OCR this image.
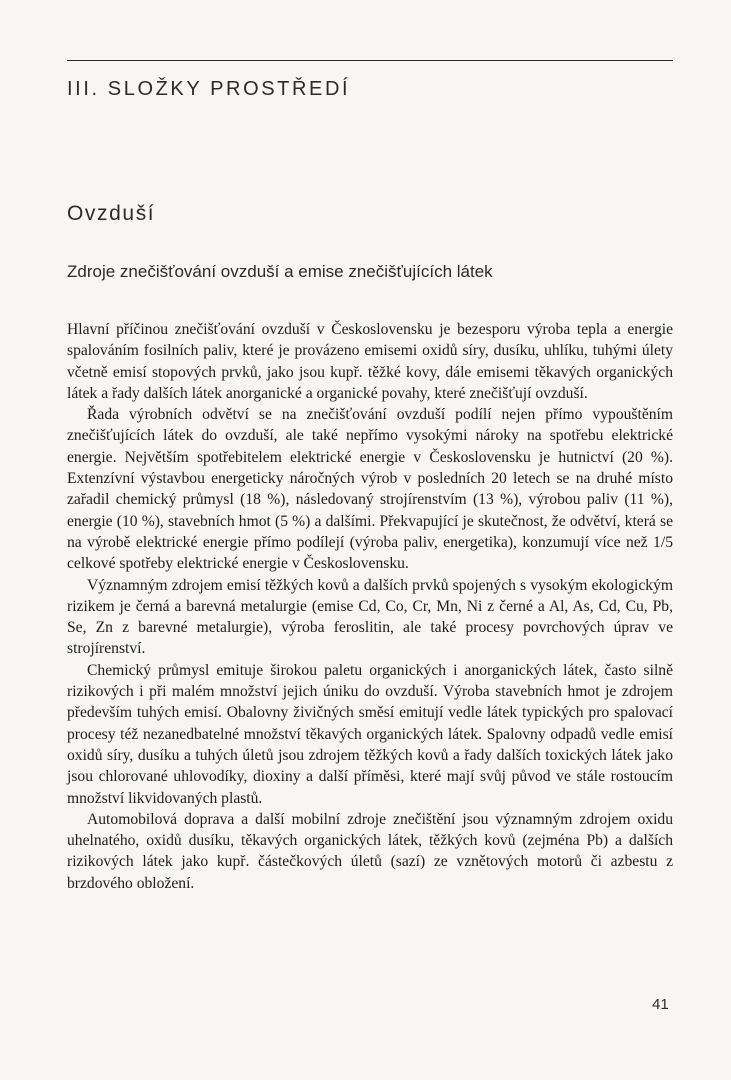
III. SLOŽKY PROSTŘEDÍ
Ovzduší
Zdroje znečišťování ovzduší a emise znečišťujících látek

Hlavní příčinou znečišťování ovzduší v Československu je bezesporu výroba tepla a energie spalováním fosilních paliv, které je provázeno emisemi oxidů síry, dusíku, uhlíku, tuhými úlety včetně emisí stopových prvků, jako jsou kupř. těžké kovy, dále emisemi těkavých organických látek a řady dalších látek anorganické a organické povahy, které znečišťují ovzduší.

Řada výrobních odvětví se na znečišťování ovzduší podílí nejen přímo vypouštěním znečišťujících látek do ovzduší, ale také nepřímo vysokými nároky na spotřebu elektrické energie. Největším spotřebitelem elektrické energie v Československu je hutnictví (20 %). Extenzívní výstavbou energeticky náročných výrob v posledních 20 letech se na druhé místo zařadil chemický průmysl (18 %), následovaný strojírenstvím (13 %), výrobou paliv (11 %), energie (10 %), stavebních hmot (5 %) a dalšími. Překvapující je skutečnost, že odvětví, která se na výrobě elektrické energie přímo podílejí (výroba paliv, energetika), konzumují více než 1/5 celkové spotřeby elektrické energie v Československu.

Významným zdrojem emisí těžkých kovů a dalších prvků spojených s vysokým ekologickým rizikem je černá a barevná metalurgie (emise Cd, Co, Cr, Mn, Ni z černé a Al, As, Cd, Cu, Pb, Se, Zn z barevné metalurgie), výroba feroslitin, ale také procesy povrchových úprav ve strojírenství.

Chemický průmysl emituje širokou paletu organických i anorganických látek, často silně rizikových i při malém množství jejich úniku do ovzduší. Výroba stavebních hmot je zdrojem především tuhých emisí. Obalovny živičných směsí emitují vedle látek typických pro spalovací procesy též nezanedbatelné množství těkavých organických látek. Spalovny odpadů vedle emisí oxidů síry, dusíku a tuhých úletů jsou zdrojem těžkých kovů a řady dalších toxických látek jako jsou chlorované uhlovodíky, dioxiny a další příměsi, které mají svůj původ ve stále rostoucím množství likvidovaných plastů.

Automobilová doprava a další mobilní zdroje znečištění jsou významným zdrojem oxidu uhelnatého, oxidů dusíku, těkavých organických látek, těžkých kovů (zejména Pb) a dalších rizikových látek jako kupř. částečkových úletů (sazí) ze vznětových motorů či azbestu z brzdového obložení.

41
